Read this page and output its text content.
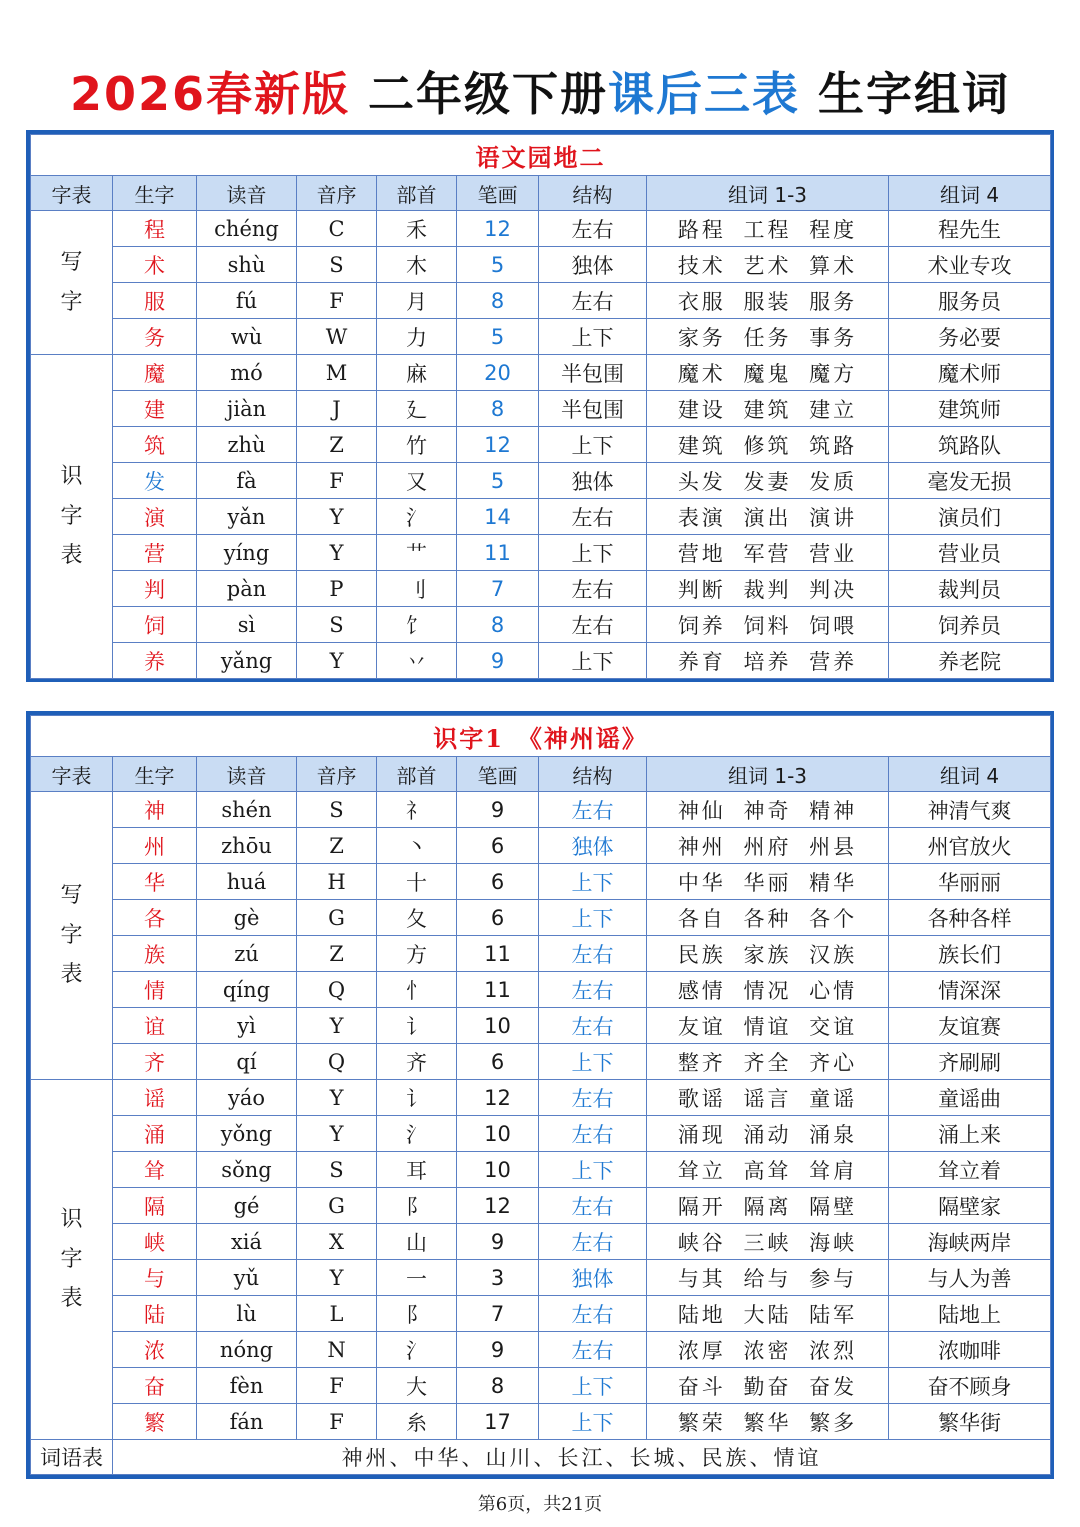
2026春新版 二年级下册课后三表 生字组词
语文园地二								
字表	生字	读音	音序	部首	笔画	结构	组词 1-3	组词 4
写字	程	chéng	C	禾	12	左右	路程 工程 程度	程先生
	术	shù	S	木	5	独体	技术 艺术 算术	术业专攻
	服	fú	F	月	8	左右	衣服 服装 服务	服务员
	务	wù	W	力	5	上下	家务 任务 事务	务必要
识字表	魔	mó	M	麻	20	半包围	魔术 魔鬼 魔方	魔术师
	建	jiàn	J	廴	8	半包围	建设 建筑 建立	建筑师
	筑	zhù	Z	竹	12	上下	建筑 修筑 筑路	筑路队
	发	fà	F	又	5	独体	头发 发妻 发质	毫发无损
	演	yǎn	Y	氵	14	左右	表演 演出 演讲	演员们
	营	yíng	Y	艹	11	上下	营地 军营 营业	营业员
	判	pàn	P	刂	7	左右	判断 裁判 判决	裁判员
	饲	sì	S	饣	8	左右	饲养 饲料 饲喂	饲养员
	养	yǎng	Y	丷	9	上下	养育 培养 营养	养老院
识字1　《神州谣》								
字表	生字	读音	音序	部首	笔画	结构	组词 1-3	组词 4
写字表	神	shén	S	礻	9	左右	神仙 神奇 精神	神清气爽
	州	zhōu	Z	丶	6	独体	神州 州府 州县	州官放火
	华	huá	H	十	6	上下	中华 华丽 精华	华丽丽
	各	gè	G	夂	6	上下	各自 各种 各个	各种各样
	族	zú	Z	方	11	左右	民族 家族 汉族	族长们
	情	qíng	Q	忄	11	左右	感情 情况 心情	情深深
	谊	yì	Y	讠	10	左右	友谊 情谊 交谊	友谊赛
	齐	qí	Q	齐	6	上下	整齐 齐全 齐心	齐刷刷
识字表	谣	yáo	Y	讠	12	左右	歌谣 谣言 童谣	童谣曲
	涌	yǒng	Y	氵	10	左右	涌现 涌动 涌泉	涌上来
	耸	sǒng	S	耳	10	上下	耸立 高耸 耸肩	耸立着
	隔	gé	G	阝	12	左右	隔开 隔离 隔壁	隔壁家
	峡	xiá	X	山	9	左右	峡谷 三峡 海峡	海峡两岸
	与	yǔ	Y	一	3	独体	与其 给与 参与	与人为善
	陆	lù	L	阝	7	左右	陆地 大陆 陆军	陆地上
	浓	nóng	N	氵	9	左右	浓厚 浓密 浓烈	浓咖啡
	奋	fèn	F	大	8	上下	奋斗 勤奋 奋发	奋不顾身
	繁	fán	F	糸	17	上下	繁荣 繁华 繁多	繁华街
词语表	神州、中华、山川、长江、长城、民族、情谊							
第6页，共21页
